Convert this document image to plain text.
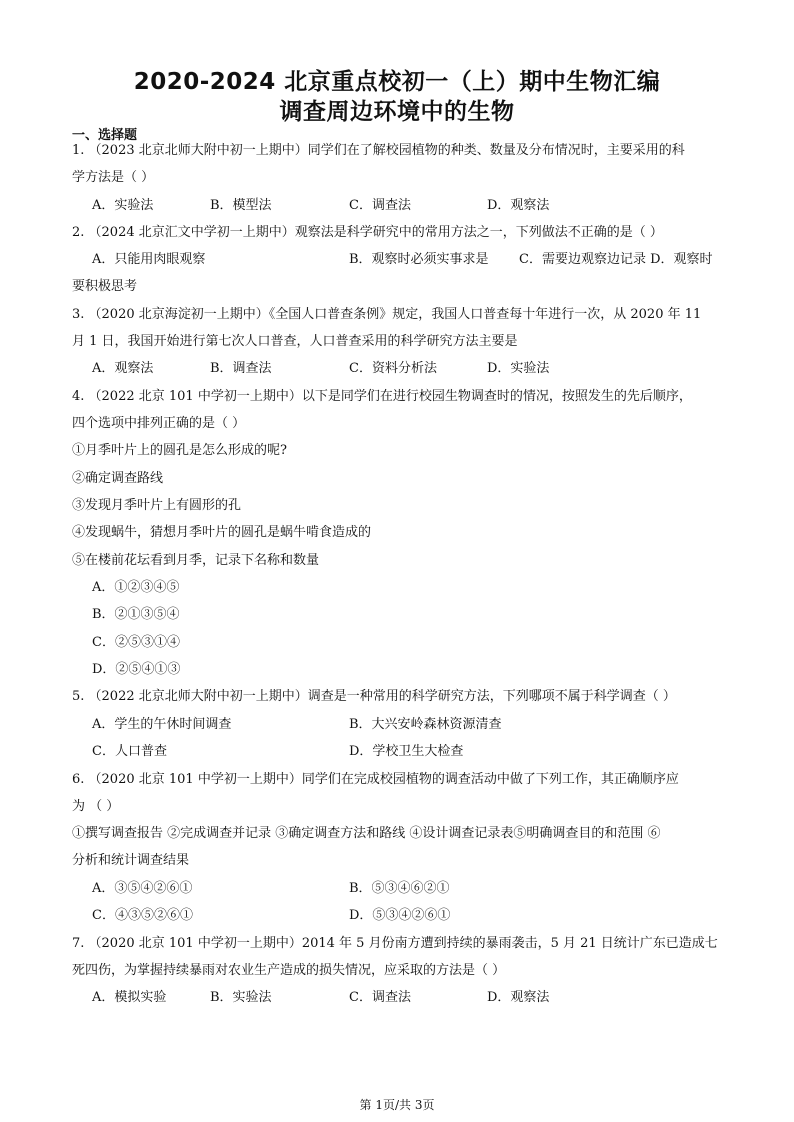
2020-2024 北京重点校初一（上）期中生物汇编
调查周边环境中的生物
一、选择题
1. （2023 北京北师大附中初一上期中）同学们在了解校园植物的种类、数量及分布情况时，主要采用的科
学方法是（ ）
A．实验法	B．模型法	C．调查法	D．观察法
2. （2024 北京汇文中学初一上期中）观察法是科学研究中的常用方法之一，下列做法不正确的是（ ）
A．只能用肉眼观察	B．观察时必须实事求是 C．需要边观察边记录 D．观察时
要积极思考
3. （2020 北京海淀初一上期中）《全国人口普查条例》规定，我国人口普查每十年进行一次，从 2020 年 11
月 1 日，我国开始进行第七次人口普查，人口普查采用的科学研究方法主要是
A．观察法	B．调查法	C．资料分析法	D．实验法
4. （2022 北京 101 中学初一上期中）以下是同学们在进行校园生物调查时的情况，按照发生的先后顺序，
四个选项中排列正确的是（ ）
①月季叶片上的圆孔是怎么形成的呢?
②确定调查路线
③发现月季叶片上有圆形的孔
④发现蜗牛，猜想月季叶片的圆孔是蜗牛啃食造成的
⑤在楼前花坛看到月季，记录下名称和数量
A．①②③④⑤
B．②①③⑤④
C．②⑤③①④
D．②⑤④①③
5. （2022 北京北师大附中初一上期中）调查是一种常用的科学研究方法，下列哪项不属于科学调查（ ）
A．学生的午休时间调查	B．大兴安岭森林资源清查
C．人口普查	D．学校卫生大检查
6. （2020 北京 101 中学初一上期中）同学们在完成校园植物的调查活动中做了下列工作，其正确顺序应
为 （ ）
①撰写调查报告 ②完成调查并记录 ③确定调查方法和路线 ④设计调查记录表⑤明确调查目的和范围 ⑥
分析和统计调查结果
A．③⑤④②⑥①	B．⑤③④⑥②①
C．④③⑤②⑥①	D．⑤③④②⑥①
7. （2020 北京 101 中学初一上期中）2014 年 5 月份南方遭到持续的暴雨袭击，5 月 21 日统计广东已造成七
死四伤，为掌握持续暴雨对农业生产造成的损失情况，应采取的方法是（ ）
A．模拟实验	B．实验法	C．调查法	D．观察法
第 1页/共 3页
